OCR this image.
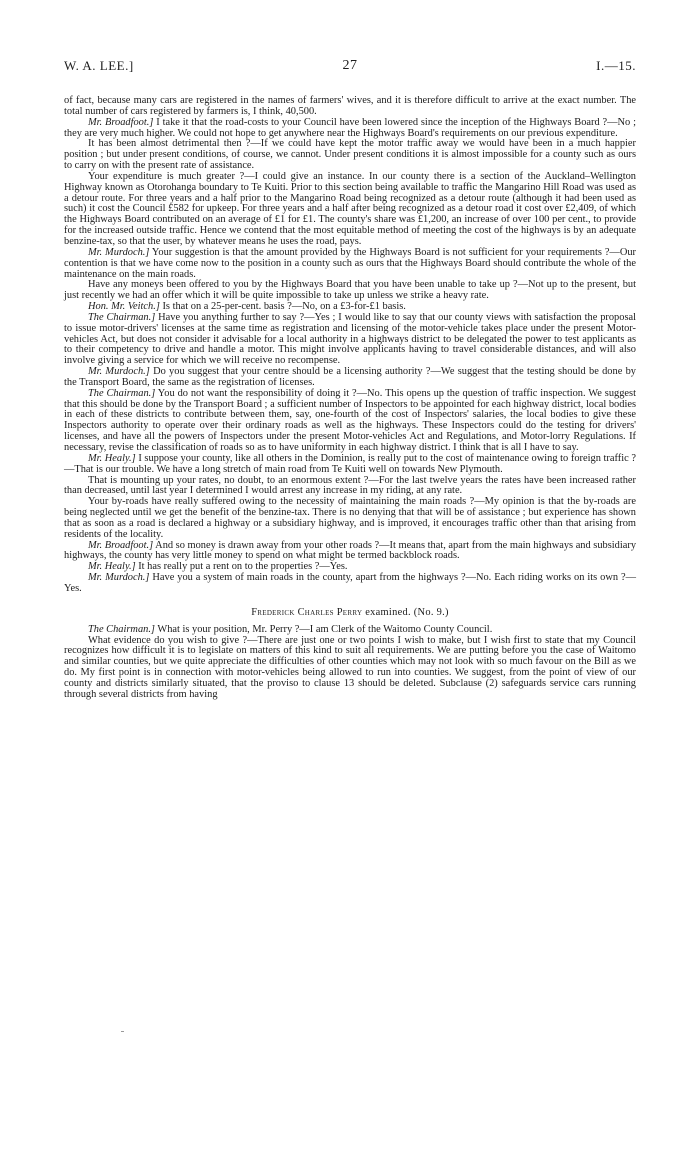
W. A. LEE.]	27	I.—15.

of fact, because many cars are registered in the names of farmers' wives, and it is therefore difficult to arrive at the exact number. The total number of cars registered by farmers is, I think, 40,500.

Mr. Broadfoot.] I take it that the road-costs to your Council have been lowered since the inception of the Highways Board ?—No ; they are very much higher. We could not hope to get anywhere near the Highways Board's requirements on our previous expenditure.

It has been almost detrimental then ?—If we could have kept the motor traffic away we would have been in a much happier position ; but under present conditions, of course, we cannot. Under present conditions it is almost impossible for a county such as ours to carry on with the present rate of assistance.

Your expenditure is much greater ?—I could give an instance. In our county there is a section of the Auckland–Wellington Highway known as Otorohanga boundary to Te Kuiti. Prior to this section being available to traffic the Mangarino Hill Road was used as a detour route. For three years and a half prior to the Mangarino Road being recognized as a detour route (although it had been used as such) it cost the Council £582 for upkeep. For three years and a half after being recognized as a detour road it cost over £2,409, of which the Highways Board contributed on an average of £1 for £1. The county's share was £1,200, an increase of over 100 per cent., to provide for the increased outside traffic. Hence we contend that the most equitable method of meeting the cost of the highways is by an adequate benzine-tax, so that the user, by whatever means he uses the road, pays.

Mr. Murdoch.] Your suggestion is that the amount provided by the Highways Board is not sufficient for your requirements ?—Our contention is that we have come now to the position in a county such as ours that the Highways Board should contribute the whole of the maintenance on the main roads.

Have any moneys been offered to you by the Highways Board that you have been unable to take up ?—Not up to the present, but just recently we had an offer which it will be quite impossible to take up unless we strike a heavy rate.

Hon. Mr. Veitch.] Is that on a 25-per-cent. basis ?—No, on a £3-for-£1 basis.

The Chairman.] Have you anything further to say ?—Yes ; I would like to say that our county views with satisfaction the proposal to issue motor-drivers' licenses at the same time as registration and licensing of the motor-vehicle takes place under the present Motor-vehicles Act, but does not consider it advisable for a local authority in a highways district to be delegated the power to test applicants as to their competency to drive and handle a motor. This might involve applicants having to travel considerable distances, and will also involve giving a service for which we will receive no recompense.

Mr. Murdoch.] Do you suggest that your centre should be a licensing authority ?—We suggest that the testing should be done by the Transport Board, the same as the registration of licenses.

The Chairman.] You do not want the responsibility of doing it ?—No. This opens up the question of traffic inspection. We suggest that this should be done by the Transport Board ; a sufficient number of Inspectors to be appointed for each highway district, local bodies in each of these districts to contribute between them, say, one-fourth of the cost of Inspectors' salaries, the local bodies to give these Inspectors authority to operate over their ordinary roads as well as the highways. These Inspectors could do the testing for drivers' licenses, and have all the powers of Inspectors under the present Motor-vehicles Act and Regulations, and Motor-lorry Regulations. If necessary, revise the classification of roads so as to have uniformity in each highway district. I think that is all I have to say.

Mr. Healy.] I suppose your county, like all others in the Dominion, is really put to the cost of maintenance owing to foreign traffic ?—That is our trouble. We have a long stretch of main road from Te Kuiti well on towards New Plymouth.

That is mounting up your rates, no doubt, to an enormous extent ?—For the last twelve years the rates have been increased rather than decreased, until last year I determined I would arrest any increase in my riding, at any rate.

Your by-roads have really suffered owing to the necessity of maintaining the main roads ?—My opinion is that the by-roads are being neglected until we get the benefit of the benzine-tax. There is no denying that that will be of assistance ; but experience has shown that as soon as a road is declared a highway or a subsidiary highway, and is improved, it encourages traffic other than that arising from residents of the locality.

Mr. Broadfoot.] And so money is drawn away from your other roads ?—It means that, apart from the main highways and subsidiary highways, the county has very little money to spend on what might be termed backblock roads.

Mr. Healy.] It has really put a rent on to the properties ?—Yes.

Mr. Murdoch.] Have you a system of main roads in the county, apart from the highways ?—No. Each riding works on its own ?—Yes.

Frederick Charles Perry examined. (No. 9.)

The Chairman.] What is your position, Mr. Perry ?—I am Clerk of the Waitomo County Council.

What evidence do you wish to give ?—There are just one or two points I wish to make, but I wish first to state that my Council recognizes how difficult it is to legislate on matters of this kind to suit all requirements. We are putting before you the case of Waitomo and similar counties, but we quite appreciate the difficulties of other counties which may not look with so much favour on the Bill as we do. My first point is in connection with motor-vehicles being allowed to run into counties. We suggest, from the point of view of our county and districts similarly situated, that the proviso to clause 13 should be deleted. Subclause (2) safeguards service cars running through several districts from having
